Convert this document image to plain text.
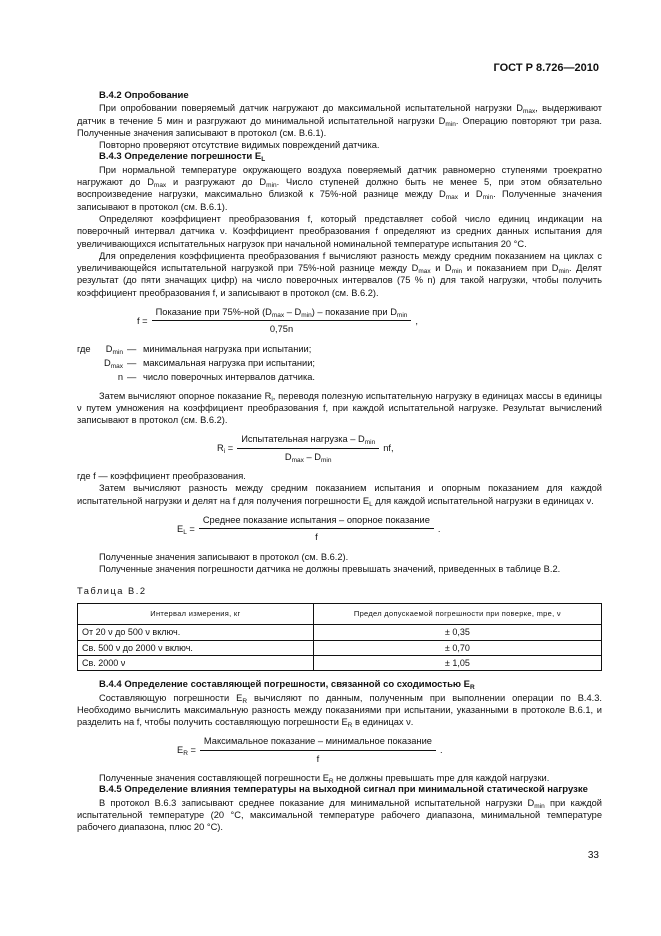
ГОСТ Р 8.726—2010
В.4.2 Опробование

При опробовании поверяемый датчик нагружают до максимальной испытательной нагрузки $D_{max}$, выдерживают датчик в течение 5 мин и разгружают до минимальной испытательной нагрузки $D_{min}$. Операцию повторяют три раза. Полученные значения записывают в протокол (см. В.6.1).

Повторно проверяют отсутствие видимых повреждений датчика.

В.4.3 Определение погрешности $E_L$

При нормальной температуре окружающего воздуха поверяемый датчик равномерно ступенями троекратно нагружают до $D_{max}$ и разгружают до $D_{min}$. Число ступеней должно быть не менее 5, при этом обязательно воспроизведение нагрузки, максимально близкой к 75%-ной разнице между $D_{max}$ и $D_{min}$. Полученные значения записывают в протокол (см. В.6.1).

Определяют коэффициент преобразования f, который представляет собой число единиц индикации на поверочный интервал датчика ν. Коэффициент преобразования f определяют из средних данных испытания для увеличивающихся испытательных нагрузок при начальной номинальной температуре испытания 20 °С.

Для определения коэффициента преобразования f вычисляют разность между средним показанием на циклах с увеличивающейся испытательной нагрузкой при 75%-ной разнице между $D_{max}$ и $D_{min}$ и показанием при $D_{min}$. Делят результат (до пяти значащих цифр) на число поверочных интервалов (75 % n) для такой нагрузки, чтобы получить коэффициент преобразования f, и записывают в протокол (см. В.6.2).

$f = \frac{Показание при 75\%-ной (D_{max} - D_{min}) - показание при D_{min}}{0,75n}$ ,
где	$D_{min}$ — минимальная нагрузка при испытании;
$D_{max}$ — максимальная нагрузка при испытании;
n — число поверочных интервалов датчика.

Затем вычисляют опорное показание $R_i$, переводя полезную испытательную нагрузку в единицах массы в единицы ν путем умножения на коэффициент преобразования f, при каждой испытательной нагрузке. Результат вычислений записывают в протокол (см. В.6.2).

$R_i = \frac{Испытательная нагрузка - D_{min}}{D_{max} - D_{min}}$ nf,

где f — коэффициент преобразования.

Затем вычисляют разность между средним показанием испытания и опорным показанием для каждой испытательной нагрузки и делят на f для получения погрешности $E_L$ для каждой испытательной нагрузки в единицах ν.

$E_L = \frac{\text{Среднее показание испытания – опорное показание}}{f}$ .

Полученные значения записывают в протокол (см. В.6.2).

Полученные значения погрешности датчика не должны превышать значений, приведенных в таблице В.2.

Таблица В.2
Интервал измерения, кг	Предел допускаемой погрешности при поверке, mpe, ν
От 20 ν до 500 ν включ.	± 0,35
Св. 500 ν до 2000 ν включ.	± 0,70
Св. 2000 ν	± 1,05
В.4.4 Определение составляющей погрешности, связанной со сходимостью $E_R$

Составляющую погрешности $E_R$ вычисляют по данным, полученным при выполнении операции по В.4.3. Необходимо вычислить максимальную разность между показаниями при испытании, указанными в протоколе В.6.1, и разделить на f, чтобы получить составляющую погрешности $E_R$ в единицах ν.

$E_R = \frac{\text{Максимальное показание – минимальное показание}}{f}$ .

Полученные значения составляющей погрешности $E_R$ не должны превышать mpe для каждой нагрузки.

В.4.5 Определение влияния температуры на выходной сигнал при минимальной статической нагрузке

В протокол В.6.3 записывают среднее показание для минимальной испытательной нагрузки $D_{min}$ при каждой испытательной температуре (20 °С, максимальной температуре рабочего диапазона, минимальной температуре рабочего диапазона, плюс 20 °С).

33
